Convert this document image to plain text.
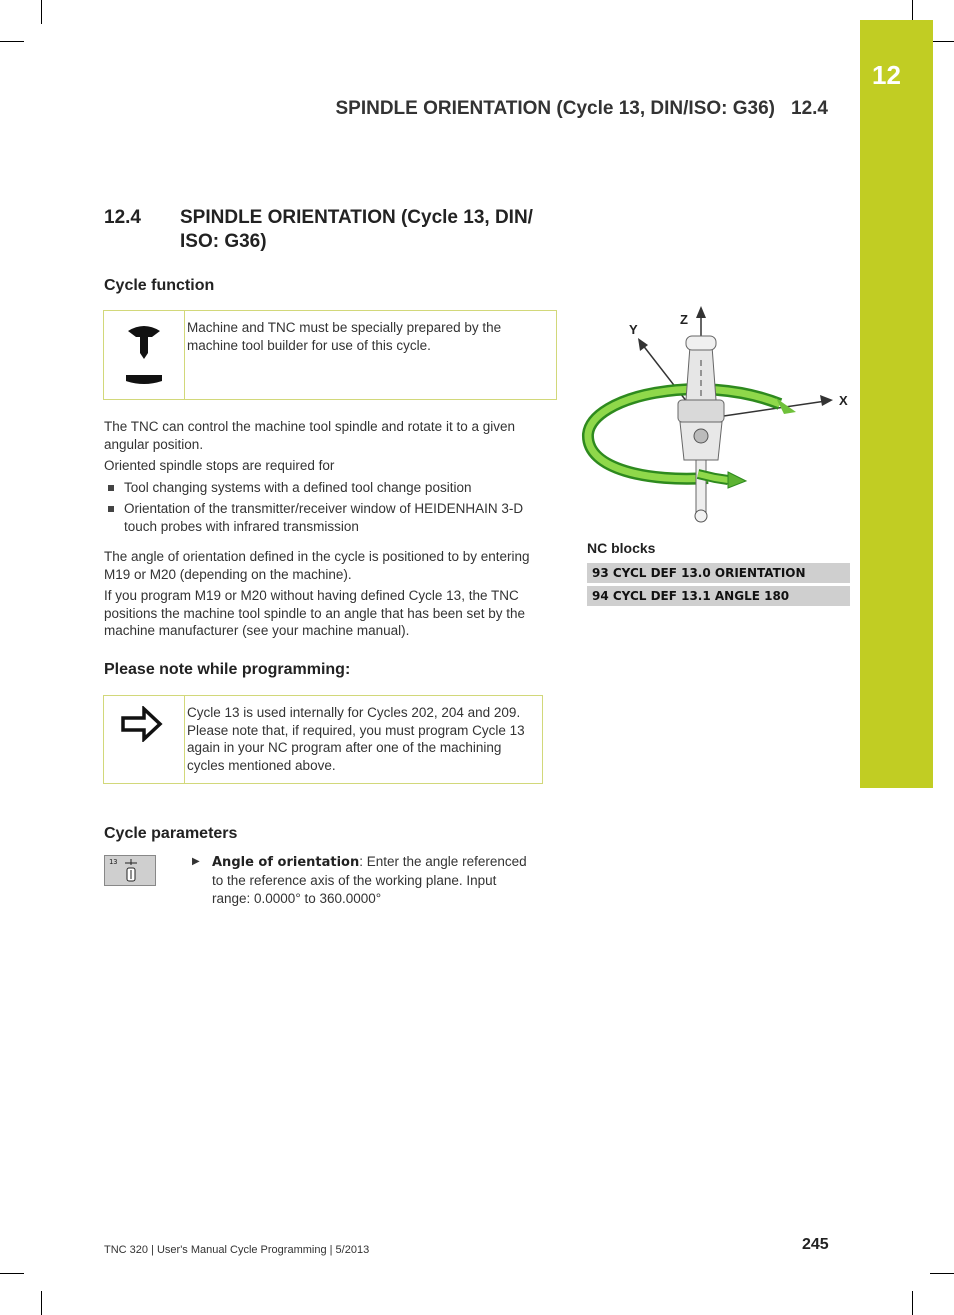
12
SPINDLE ORIENTATION (Cycle 13, DIN/ISO: G36) 12.4
12.4	SPINDLE ORIENTATION (Cycle 13, DIN/
ISO: G36)
Cycle function
Machine and TNC must be specially prepared by the machine tool builder for use of this cycle.

The TNC can control the machine tool spindle and rotate it to a given angular position.

Oriented spindle stops are required for

Tool changing systems with a defined tool change position
Orientation of the transmitter/receiver window of HEIDENHAIN 3-D touch probes with infrared transmission

The angle of orientation defined in the cycle is positioned to by entering M19 or M20 (depending on the machine).

If you program M19 or M20 without having defined Cycle 13, the TNC positions the machine tool spindle to an angle that has been set by the machine manufacturer (see your machine manual).

Please note while programming:
Cycle 13 is used internally for Cycles 202, 204 and 209. Please note that, if required, you must program Cycle 13 again in your NC program after one of the machining cycles mentioned above.
Cycle parameters
13	▶ Angle of orientation: Enter the angle referenced to the reference axis of the working plane. Input range: 0.0000° to 360.0000°
Z
Y
X
NC blocks
93 CYCL DEF 13.0 ORIENTATION
94 CYCL DEF 13.1 ANGLE 180
TNC 320 | User's Manual Cycle Programming | 5/2013	245
